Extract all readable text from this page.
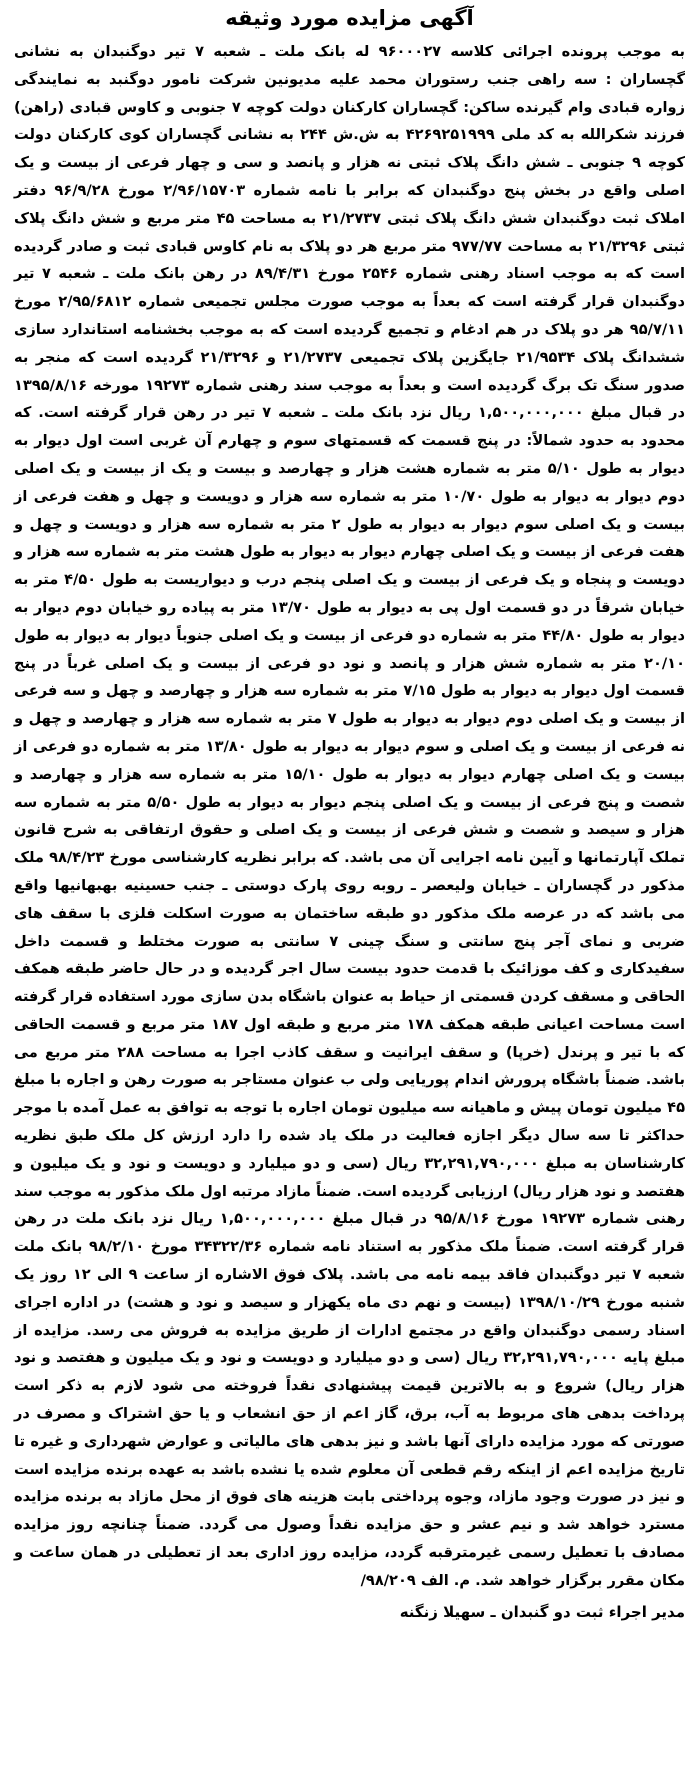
آگهی مزایده مورد وثیقه

به موجب پرونده اجرائی کلاسه ۹۶۰۰۰۲۷ له بانک ملت ـ شعبه ۷ تیر دوگنبدان به نشانی گچساران : سه راهی جنب رستوران محمد علیه مدیونین شرکت نامور دوگنبد به نمایندگی زواره قبادی وام گیرنده ساکن: گچساران کارکنان دولت کوچه ۷ جنوبی و کاوس قبادی (راهن) فرزند شکرالله به کد ملی ۴۲۶۹۲۵۱۹۹۹ به ش.ش ۲۴۴ به نشانی گچساران کوی کارکنان دولت کوچه ۹ جنوبی ـ شش دانگ پلاک ثبتی نه هزار و پانصد و سی و چهار فرعی از بیست و یک اصلی واقع در بخش پنج دوگنبدان که برابر با نامه شماره ۲/۹۶/۱۵۷۰۳ مورخ ۹۶/۹/۲۸ دفتر املاک ثبت دوگنبدان شش دانگ پلاک ثبتی ۲۱/۲۷۳۷ به مساحت ۴۵ متر مربع و شش دانگ پلاک ثبتی ۲۱/۳۲۹۶ به مساحت ۹۷۷/۷۷ متر مربع هر دو پلاک به نام کاوس قبادی ثبت و صادر گردیده است که به موجب اسناد رهنی شماره ۲۵۴۶ مورخ ۸۹/۴/۳۱ در رهن بانک ملت ـ شعبه ۷ تیر دوگنبدان قرار گرفته است که بعداً به موجب صورت مجلس تجمیعی شماره ۲/۹۵/۶۸۱۲ مورخ ۹۵/۷/۱۱ هر دو پلاک در هم ادغام و تجمیع گردیده است که به موجب بخشنامه استاندارد سازی ششدانگ پلاک ۲۱/۹۵۳۴ جایگزین پلاک تجمیعی ۲۱/۲۷۳۷ و ۲۱/۳۲۹۶ گردیده است که منجر به صدور سنگ تک برگ گردیده است و بعداً به موجب سند رهنی شماره ۱۹۲۷۳ مورخه ۱۳۹۵/۸/۱۶ در قبال مبلغ ۱,۵۰۰,۰۰۰,۰۰۰ ریال نزد بانک ملت ـ شعبه ۷ تیر در رهن قرار گرفته است. که محدود به حدود شمالاً: در پنج قسمت که قسمتهای سوم و چهارم آن غربی است اول دیوار به دیوار به طول ۵/۱۰ متر به شماره هشت هزار و چهارصد و بیست و یک از بیست و یک اصلی دوم دیوار به دیوار به طول ۱۰/۷۰ متر به شماره سه هزار و دویست و چهل و هفت فرعی از بیست و یک اصلی سوم دیوار به دیوار به طول ۲ متر به شماره سه هزار و دویست و چهل و هفت فرعی از بیست و یک اصلی چهارم دیوار به دیوار به طول هشت متر به شماره سه هزار و دویست و پنجاه و یک فرعی از بیست و یک اصلی پنجم درب و دیواریست به طول ۴/۵۰ متر به خیابان شرقاً در دو قسمت اول پی به دیوار به طول ۱۳/۷۰ متر به پیاده رو خیابان دوم دیوار به دیوار به طول ۴۴/۸۰ متر به شماره دو فرعی از بیست و یک اصلی جنوباً دیوار به دیوار به طول ۲۰/۱۰ متر به شماره شش هزار و پانصد و نود دو فرعی از بیست و یک اصلی غرباً در پنج قسمت اول دیوار به دیوار به طول ۷/۱۵ متر به شماره سه هزار و چهارصد و چهل و سه فرعی از بیست و یک اصلی دوم دیوار به دیوار به طول ۷ متر به شماره سه هزار و چهارصد و چهل و نه فرعی از بیست و یک اصلی و سوم دیوار به دیوار به طول ۱۳/۸۰ متر به شماره دو فرعی از بیست و یک اصلی چهارم دیوار به دیوار به طول ۱۵/۱۰ متر به شماره سه هزار و چهارصد و شصت و پنج فرعی از بیست و یک اصلی پنجم دیوار به دیوار به طول ۵/۵۰ متر به شماره سه هزار و سیصد و شصت و شش فرعی از بیست و یک اصلی و حقوق ارتفاقی به شرح قانون تملک آپارتمانها و آیین نامه اجرایی آن می باشد. که برابر نظریه کارشناسی مورخ ۹۸/۴/۲۳ ملک مذکور در گچساران ـ خیابان ولیعصر ـ روبه روی پارک دوستی ـ جنب حسینیه بهبهانیها واقع می باشد که در عرصه ملک مذکور دو طبقه ساختمان به صورت اسکلت فلزی با سقف های ضربی و نمای آجر پنج سانتی و سنگ چینی ۷ سانتی به صورت مختلط و قسمت داخل سفیدکاری و کف موزائیک با قدمت حدود بیست سال اجر گردیده و در حال حاضر طبقه همکف الحاقی و مسقف کردن قسمتی از حیاط به عنوان باشگاه بدن سازی مورد استفاده قرار گرفته است مساحت اعیانی طبقه همکف ۱۷۸ متر مربع و طبقه اول ۱۸۷ متر مربع و قسمت الحاقی که با تیر و پرندل (خرپا) و سقف ایرانیت و سقف کاذب اجرا به مساحت ۲۸۸ متر مربع می باشد. ضمناً باشگاه پرورش اندام پوریایی ولی ب عنوان مستاجر به صورت رهن و اجاره با مبلغ ۴۵ میلیون تومان پیش و ماهیانه سه میلیون تومان اجاره با توجه به توافق به عمل آمده با موجر حداکثر تا سه سال دیگر اجازه فعالیت در ملک یاد شده را دارد ارزش کل ملک طبق نظریه کارشناسان به مبلغ ۳۲,۲۹۱,۷۹۰,۰۰۰ ریال (سی و دو میلیارد و دویست و نود و یک میلیون و هفتصد و نود هزار ریال) ارزیابی گردیده است. ضمناً مازاد مرتبه اول ملک مذکور به موجب سند رهنی شماره ۱۹۲۷۳ مورخ ۹۵/۸/۱۶ در قبال مبلغ ۱,۵۰۰,۰۰۰,۰۰۰ ریال نزد بانک ملت در رهن قرار گرفته است. ضمناً ملک مذکور به استناد نامه شماره ۳۴۳۲۲/۳۶ مورخ ۹۸/۲/۱۰ بانک ملت شعبه ۷ تیر دوگنبدان فاقد بیمه نامه می باشد. پلاک فوق الاشاره از ساعت ۹ الی ۱۲ روز یک شنبه مورخ ۱۳۹۸/۱۰/۲۹ (بیست و نهم دی ماه یکهزار و سیصد و نود و هشت) در اداره اجرای اسناد رسمی دوگنبدان واقع در مجتمع ادارات از طریق مزایده به فروش می رسد. مزایده از مبلغ پایه ۳۲,۲۹۱,۷۹۰,۰۰۰ ریال (سی و دو میلیارد و دویست و نود و یک میلیون و هفتصد و نود هزار ریال) شروع و به بالاترین قیمت پیشنهادی نقداً فروخته می شود لازم به ذکر است پرداخت بدهی های مربوط به آب، برق، گاز اعم از حق انشعاب و یا حق اشتراک و مصرف در صورتی که مورد مزایده دارای آنها باشد و نیز بدهی های مالیاتی و عوارض شهرداری و غیره تا تاریخ مزایده اعم از اینکه رقم قطعی آن معلوم شده یا نشده باشد به عهده برنده مزایده است و نیز در صورت وجود مازاد، وجوه پرداختی بابت هزینه های فوق از محل مازاد به برنده مزایده مسترد خواهد شد و نیم عشر و حق مزایده نقداً وصول می گردد. ضمناً چنانچه روز مزایده مصادف با تعطیل رسمی غیرمترقبه گردد، مزایده روز اداری بعد از تعطیلی در همان ساعت و مکان مقرر برگزار خواهد شد. م. الف ۹۸/۲۰۹/

مدیر اجراء ثبت دو گنبدان ـ سهیلا زنگنه
